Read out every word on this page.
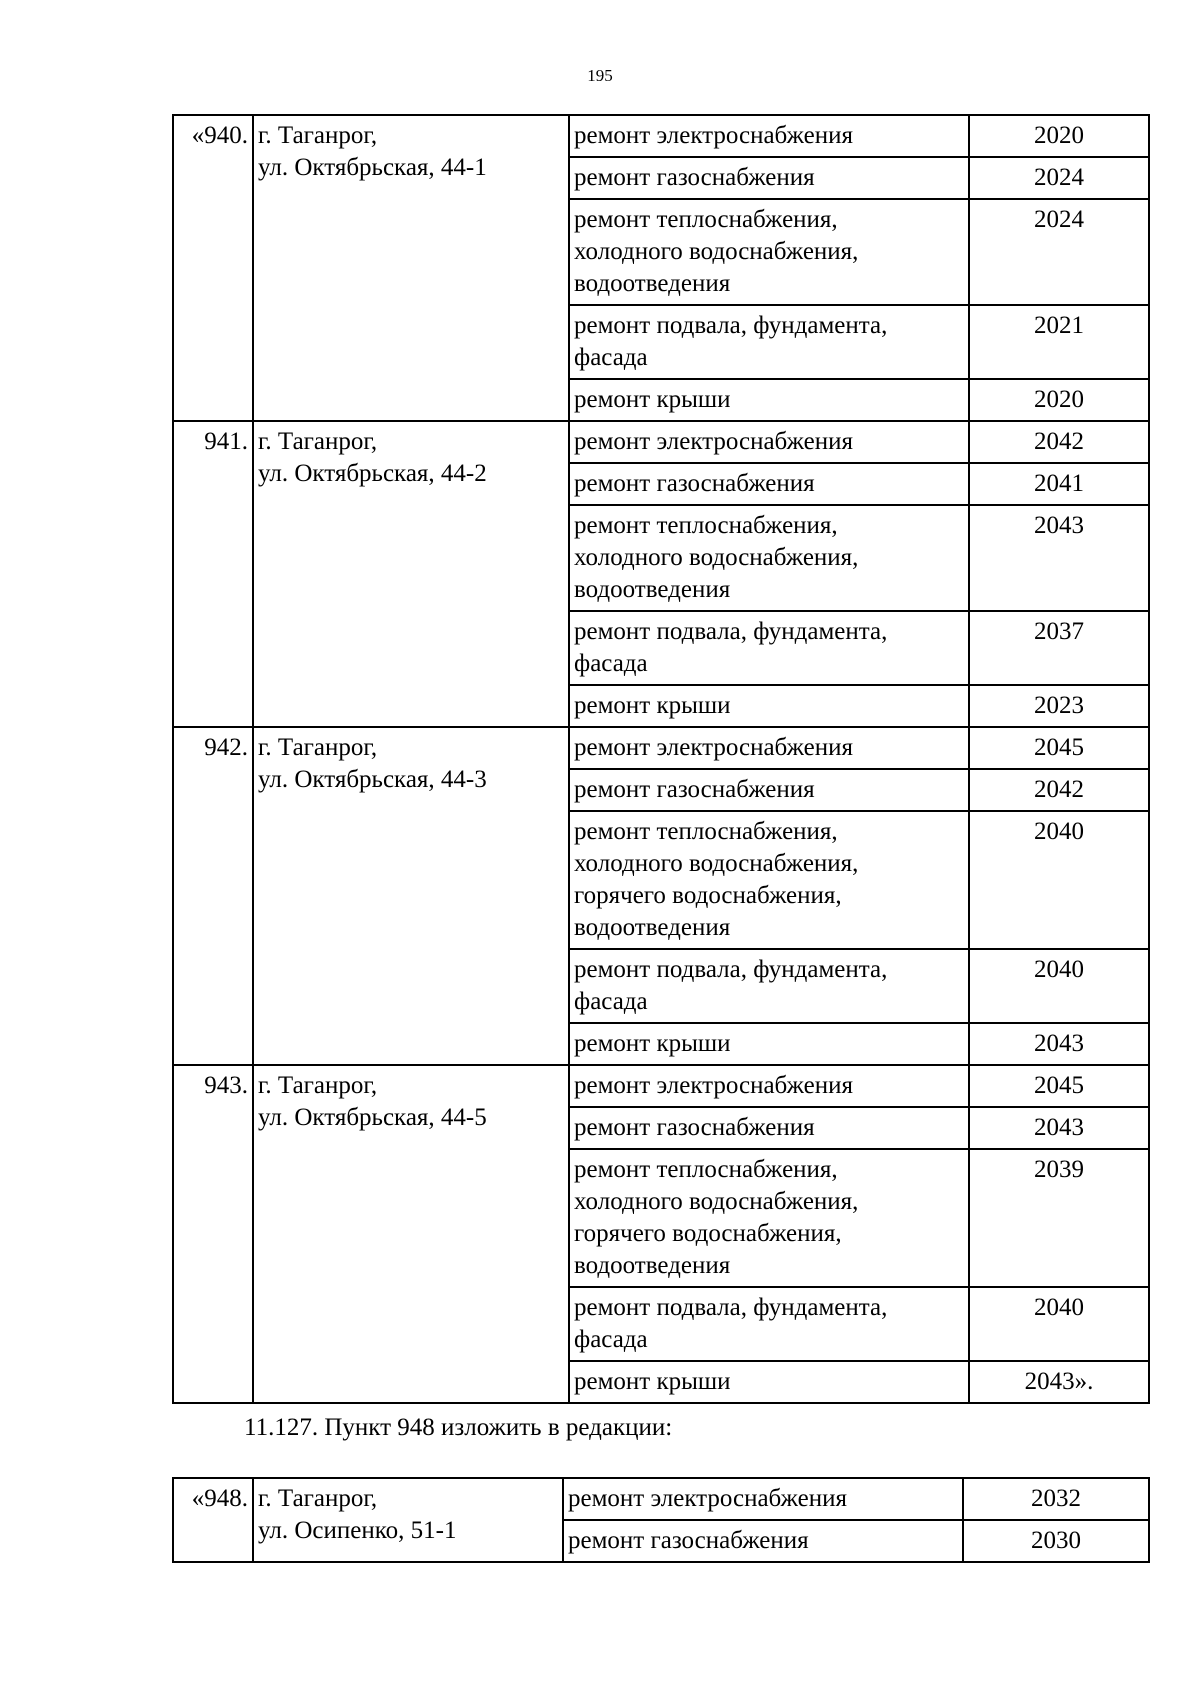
195
«940.	г. Таганрог,
ул. Октябрьская, 44-1	ремонт электроснабжения	2020

		ремонт газоснабжения	2024

		ремонт теплоснабжения,
холодного водоснабжения,
водоотведения	2024

		ремонт подвала, фундамента,
фасада	2021

		ремонт крыши	2020
941.	г. Таганрог,
ул. Октябрьская, 44-2	ремонт электроснабжения	2042

		ремонт газоснабжения	2041

		ремонт теплоснабжения,
холодного водоснабжения,
водоотведения	2043

		ремонт подвала, фундамента,
фасада	2037

		ремонт крыши	2023
942.	г. Таганрог,
ул. Октябрьская, 44-3	ремонт электроснабжения	2045

		ремонт газоснабжения	2042

		ремонт теплоснабжения,
холодного водоснабжения,
горячего водоснабжения,
водоотведения	2040

		ремонт подвала, фундамента,
фасада	2040

		ремонт крыши	2043
943.	г. Таганрог,
ул. Октябрьская, 44-5	ремонт электроснабжения	2045

		ремонт газоснабжения	2043

		ремонт теплоснабжения,
холодного водоснабжения,
горячего водоснабжения,
водоотведения	2039

		ремонт подвала, фундамента,
фасада	2040

		ремонт крыши	2043».
11.127. Пункт 948 изложить в редакции:
«948.	г. Таганрог,
ул. Осипенко, 51-1	ремонт электроснабжения	2032

		ремонт газоснабжения	2030
